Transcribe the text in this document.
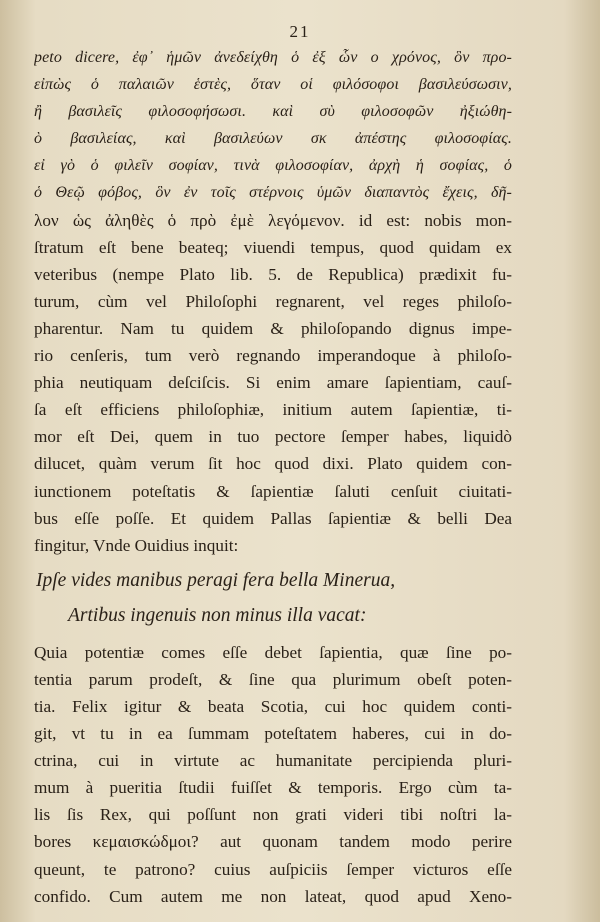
21
peto dicere, ἐφ᾽ ἡμῶν ἀνεδείχθη ὁ ἐξ ὧν ο χρόνος, ὃν προ-
εἰπὼς ὁ παλαιῶν ἑστὲς, ὅταν οἱ φιλόσοφοι βασιλεύσωσιν,
ἢ βασιλεῖς φιλοσοφήσωσι. καὶ σὺ φιλοσοφῶν ἠξιώθη-
ὸ βασιλείας, καὶ βασιλεύων σκ ἀπέστης φιλοσοφίας.
εἰ γὸ ὁ φιλεῖν σοφίαν, τινὰ φιλοσοφίαν, ἀρχὴ ἡ σοφίας, ὁ
ὁ Θεῷ φόβος, ὃν ἐν τοῖς στέρνοις ὑμῶν διαπαντὸς ἔχεις, δῆ-
λον ὡς ἀληθὲς ὁ πρὸ ἐμὲ λεγόμενον. id est: nobis mon-
ſtratum eſt bene beateq; viuendi tempus, quod quidam ex
veteribus (nempe Plato lib. 5. de Republica) prædixit fu-
turum, cùm vel Philoſophi regnarent, vel reges philoſo-
pharentur. Nam tu quidem & philoſopando dignus impe-
rio cenſeris, tum verò regnando imperandoque à philoſo-
phia neutiquam deſciſcis. Si enim amare ſapientiam, cauſ-
ſa eſt efficiens philoſophiæ, initium autem ſapientiæ, ti-
mor eſt Dei, quem in tuo pectore ſemper habes, liquidò
dilucet, quàm verum ſit hoc quod dixi. Plato quidem con-
iunctionem poteſtatis & ſapientiæ ſaluti cenſuit ciuitati-
bus eſſe poſſe. Et quidem Pallas ſapientiæ & belli Dea
fingitur, Vnde Ouidius inquit:
Ipſe vides manibus peragi fera bella Minerua,
Artibus ingenuis non minus illa vacat:
Quia potentiæ comes eſſe debet ſapientia, quæ ſine po-
tentia parum prodeſt, & ſine qua plurimum obeſt poten-
tia. Felix igitur & beata Scotia, cui hoc quidem conti-
git, vt tu in ea ſummam poteſtatem haberes, cui in do-
ctrina, cui in virtute ac humanitate percipienda pluri-
mum à pueritia ſtudii fuiſſet & temporis. Ergo cùm ta-
lis ſis Rex, qui poſſunt non grati videri tibi noſtri la-
bores κεμαισκώδμοι? aut quonam tandem modo perire
queunt, te patrono? cuius auſpiciis ſemper victuros eſſe
confido. Cum autem me non lateat, quod apud Xeno-
